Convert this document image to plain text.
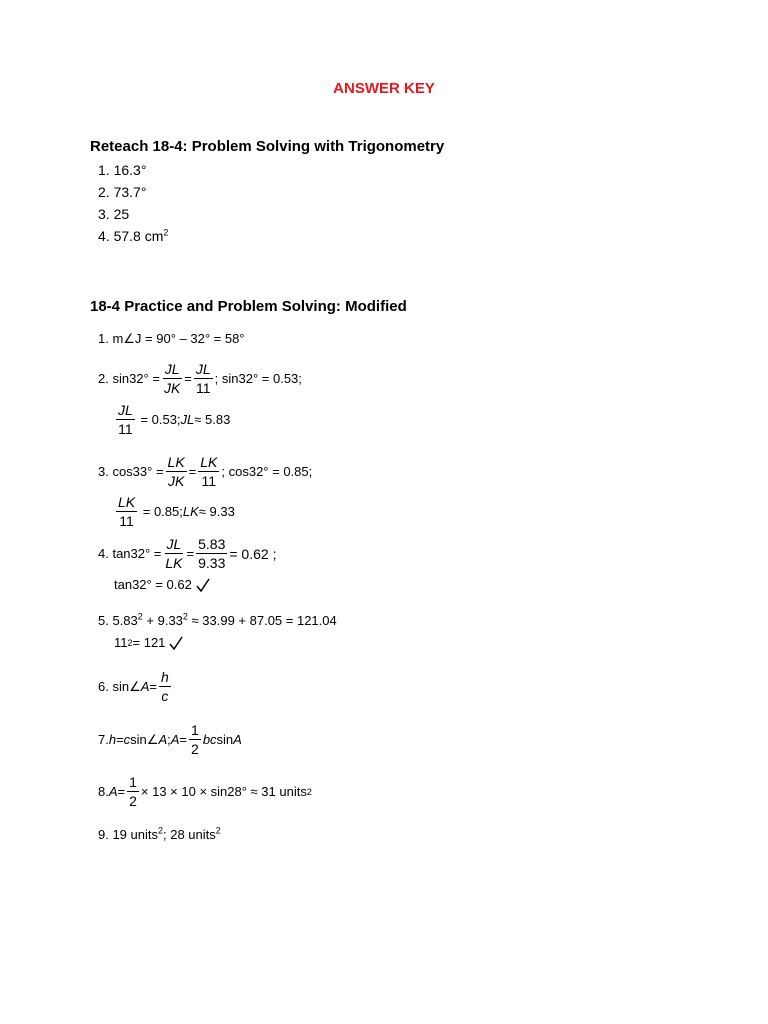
ANSWER KEY
Reteach 18-4: Problem Solving with Trigonometry
1. 16.3°
2. 73.7°
3. 25
4. 57.8 $cm^2$
18-4 Practice and Problem Solving: Modified
1. m∠J = 90° – 32° = 58°
2. $\sin 32^\circ = \frac{JL}{JK} = \frac{JL}{11}$ ; sin32° = 0.53;
$\frac{JL}{11}$
= 0.53; JL ≈ 5.83
3. $\cos 33^\circ = \frac{LK}{JK} = \frac{LK}{11}$ ; cos32° = 0.85;
$\frac{LK}{11}$
= 0.85; LK ≈ 9.33
4. $\tan 32^\circ = \frac{JL}{LK} = \frac{5.83}{9.33} = 0.62$ ;
tan32° = 0.62
5. $5.83^2 + 9.33^2 \approx 33.99 + 87.05 = 121.04$
11 2 = 121
6. sin∠ $A = \frac{h}{c}$
7. h = c sin∠ A ; $A = \frac{1}{2}$ bc sin A
8. $A = \frac{1}{2} \times 13 \times 10 \times \sin 28^\circ \approx 31$ units 2
9. 19 units$^2$; 28 units$^2$
